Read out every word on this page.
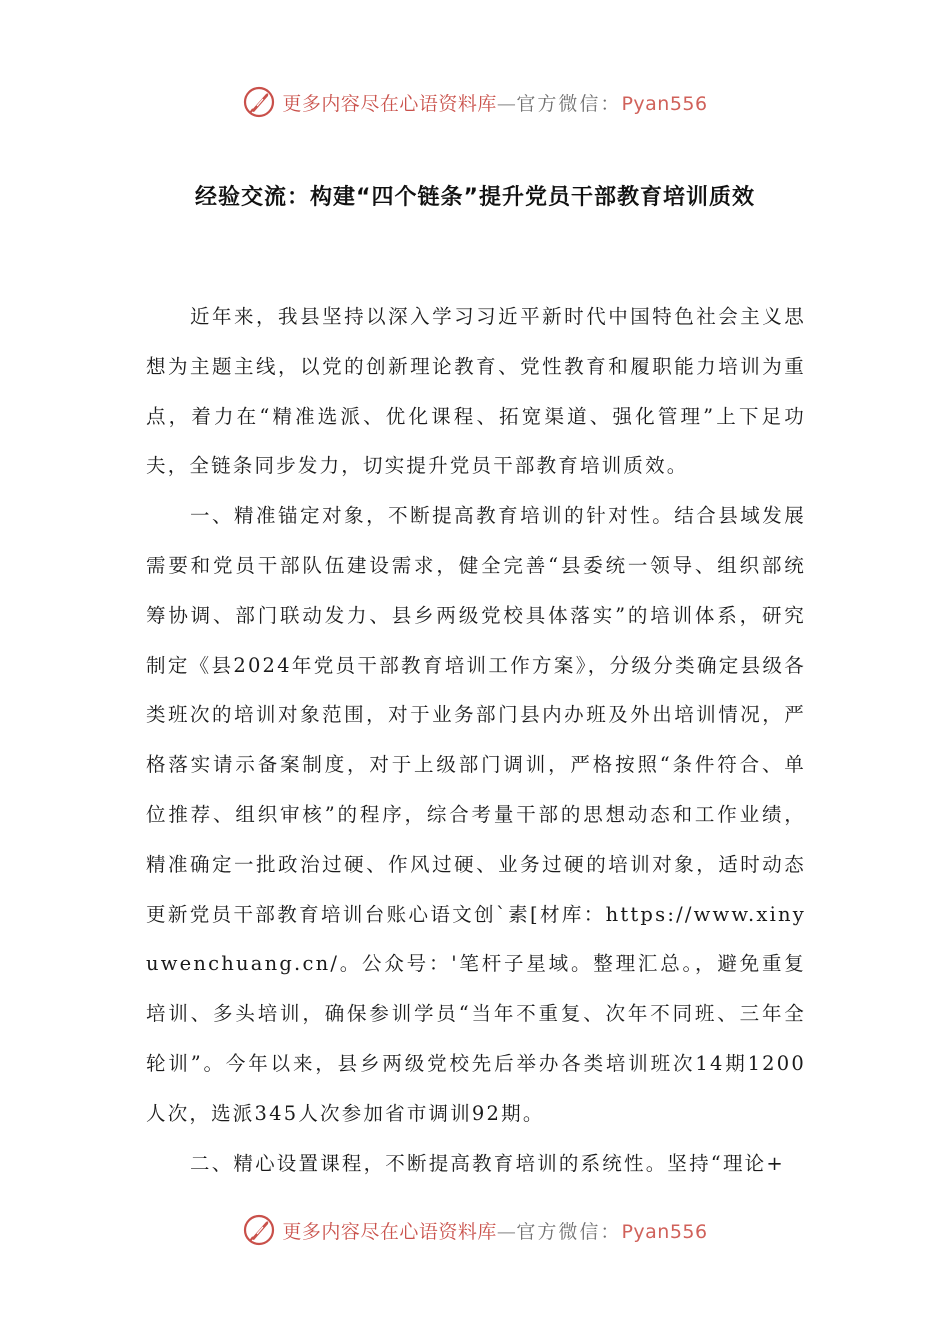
更多内容尽在心语资料库—官方微信：Pyan556
经验交流：构建“四个链条”提升党员干部教育培训质效

近年来，我县坚持以深入学习习近平新时代中国特色社会主义思想为主题主线，以党的创新理论教育、党性教育和履职能力培训为重点，着力在“精准选派、优化课程、拓宽渠道、强化管理”上下足功夫，全链条同步发力，切实提升党员干部教育培训质效。

一、精准锚定对象，不断提高教育培训的针对性。结合县域发展需要和党员干部队伍建设需求，健全完善“县委统一领导、组织部统筹协调、部门联动发力、县乡两级党校具体落实”的培训体系，研究制定《县2024年党员干部教育培训工作方案》，分级分类确定县级各类班次的培训对象范围，对于业务部门县内办班及外出培训情况，严格落实请示备案制度，对于上级部门调训，严格按照“条件符合、单位推荐、组织审核”的程序，综合考量干部的思想动态和工作业绩，精准确定一批政治过硬、作风过硬、业务过硬的培训对象，适时动态更新党员干部教育培训台账心语文创`素[材库：https://www.xinyuwenchuang.cn/。公众号：'笔杆子星域。整理汇总。，避免重复培训、多头培训，确保参训学员“当年不重复、次年不同班、三年全轮训”。今年以来，县乡两级党校先后举办各类培训班次14期1200人次，选派345人次参加省市调训92期。

二、精心设置课程，不断提高教育培训的系统性。坚持“理论+

更多内容尽在心语资料库—官方微信：Pyan556
